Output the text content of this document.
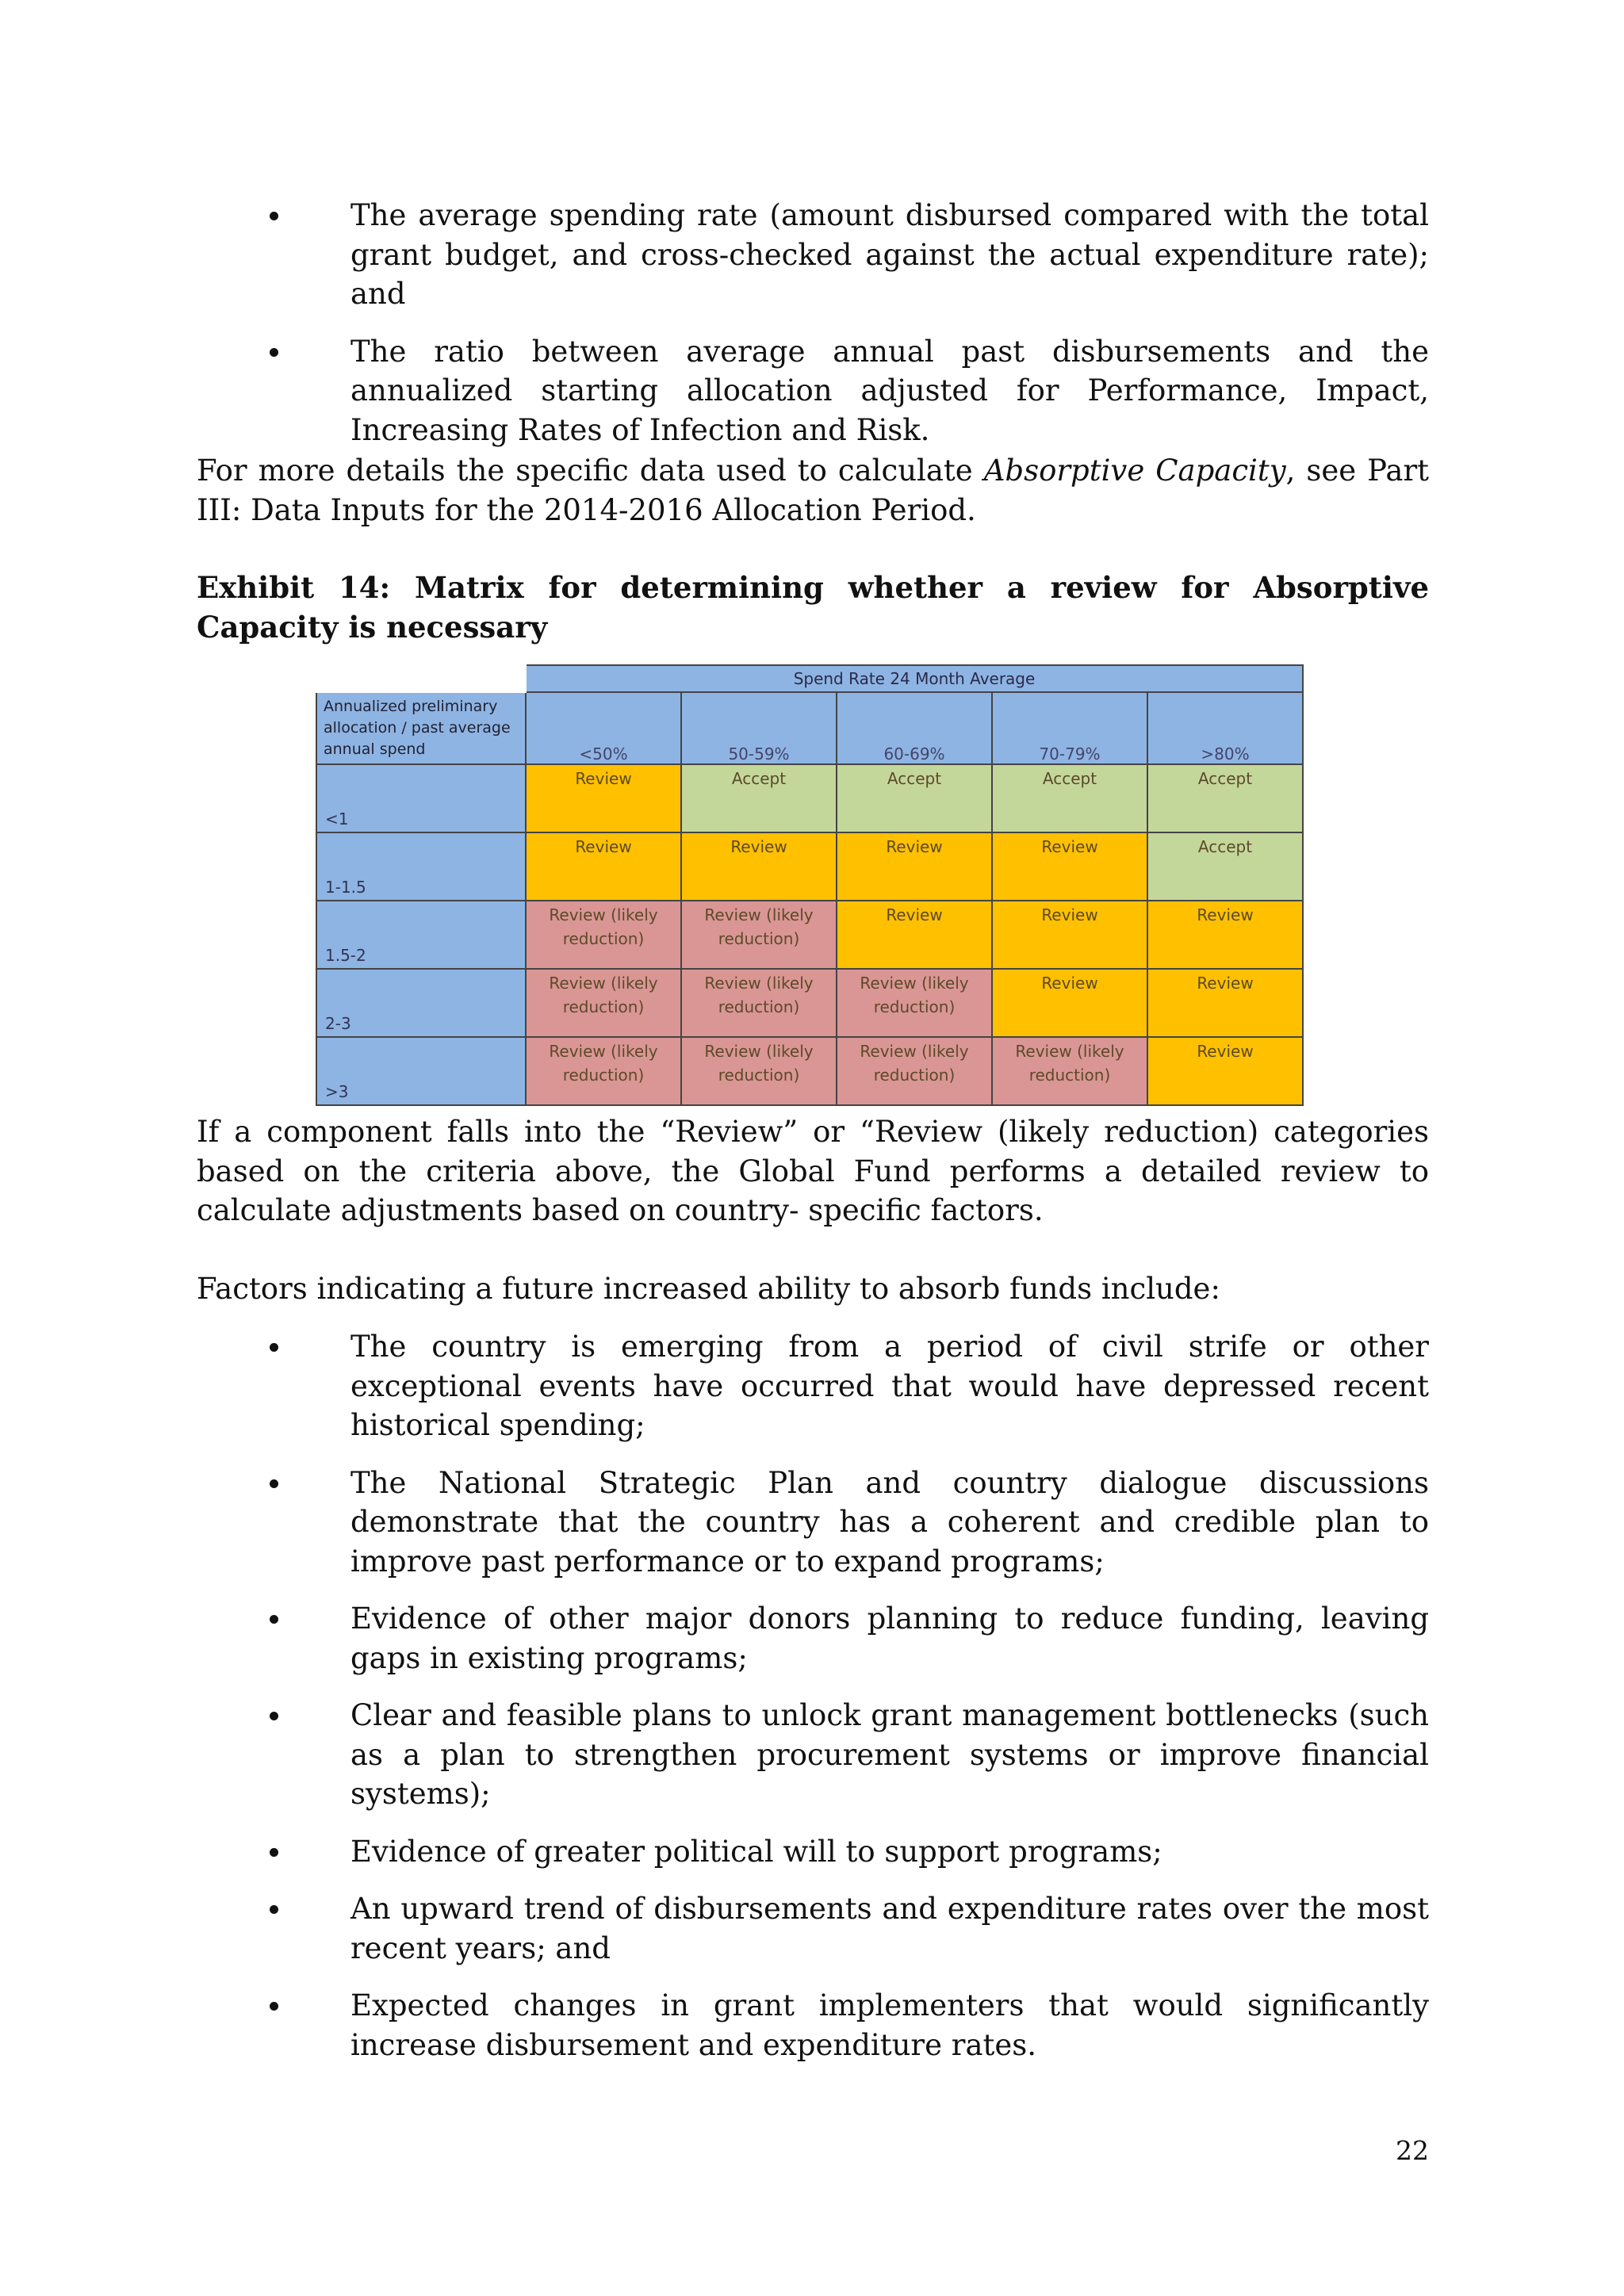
The average spending rate (amount disbursed compared with the total grant budget, and cross-checked against the actual expenditure rate); and
The ratio between average annual past disbursements and the annualized starting allocation adjusted for Performance, Impact, Increasing Rates of Infection and Risk.

For more details the specific data used to calculate Absorptive Capacity, see Part III: Data Inputs for the 2014-2016 Allocation Period.

Exhibit 14: Matrix for determining whether a review for Absorptive Capacity is necessary
	Spend Rate 24 Month Average				
Annualized preliminary allocation / past average annual spend	<50%	50-59%	60-69%	70-79%	>80%
<1	Review	Accept	Accept	Accept	Accept

1-1.5	Review	Review	Review	Review	Accept

1.5-2	Review (likely reduction)	Review (likely reduction)	Review	Review	Review

2-3	Review (likely reduction)	Review (likely reduction)	Review (likely reduction)	Review	Review

>3	Review (likely reduction)	Review (likely reduction)	Review (likely reduction)	Review (likely reduction)	Review

If a component falls into the “Review” or “Review (likely reduction) categories based on the criteria above, the Global Fund performs a detailed review to calculate adjustments based on country- specific factors.

Factors indicating a future increased ability to absorb funds include:

The country is emerging from a period of civil strife or other exceptional events have occurred that would have depressed recent historical spending;
The National Strategic Plan and country dialogue discussions demonstrate that the country has a coherent and credible plan to improve past performance or to expand programs;
Evidence of other major donors planning to reduce funding, leaving gaps in existing programs;
Clear and feasible plans to unlock grant management bottlenecks (such as a plan to strengthen procurement systems or improve financial systems);
Evidence of greater political will to support programs;
An upward trend of disbursements and expenditure rates over the most recent years; and
Expected changes in grant implementers that would significantly increase disbursement and expenditure rates.
22
